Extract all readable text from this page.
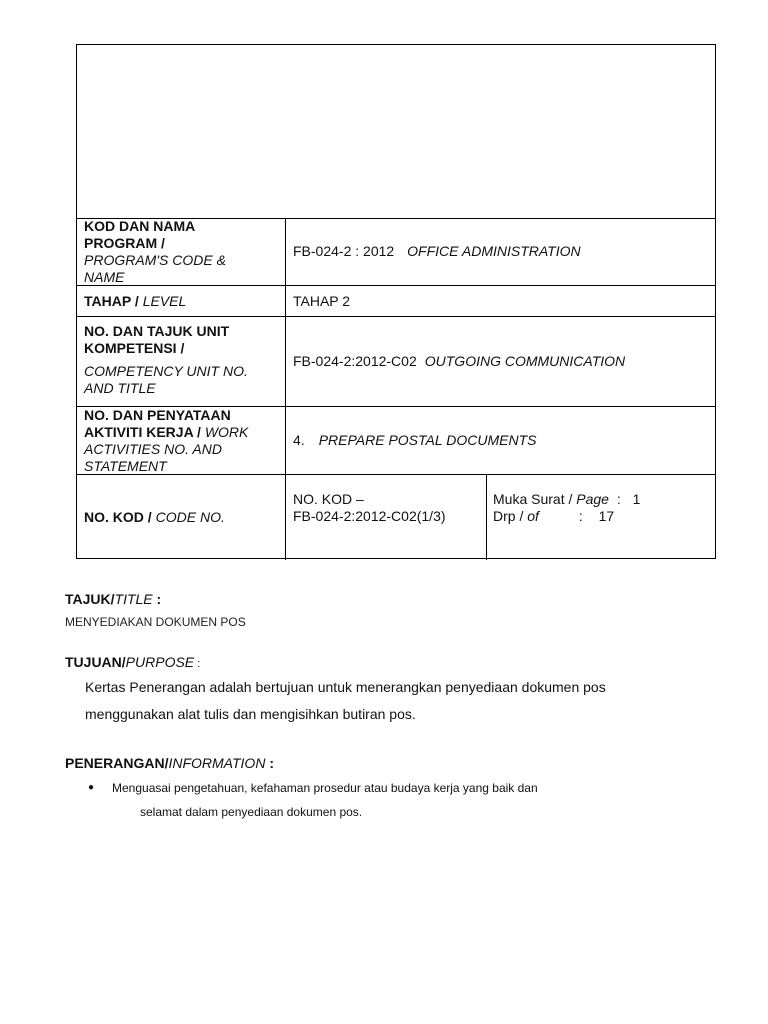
KOD DAN NAMA
PROGRAM /
PROGRAM'S CODE &
NAME
FB-024-2 : 2012 OFFICE ADMINISTRATION
TAHAP / LEVEL	TAHAP 2
NO. DAN TAJUK UNIT
KOMPETENSI /
COMPETENCY UNIT NO.
AND TITLE
FB-024-2:2012-C02 OUTGOING COMMUNICATION
NO. DAN PENYATAAN
AKTIVITI KERJA / WORK
ACTIVITIES NO. AND
STATEMENT
4. PREPARE POSTAL DOCUMENTS
NO. KOD / CODE NO.
NO. KOD –
FB-024-2:2012-C02(1/3)
Muka Surat / Page : 1
Drp / of	: 17
TAJUK/TITLE :
MENYEDIAKAN DOKUMEN POS
TUJUAN/PURPOSE :
Kertas Penerangan adalah bertujuan untuk menerangkan penyediaan dokumen pos
menggunakan alat tulis dan mengisihkan butiran pos.
PENERANGAN/INFORMATION :
● Menguasai pengetahuan, kefahaman prosedur atau budaya kerja yang baik dan
selamat dalam penyediaan dokumen pos.
